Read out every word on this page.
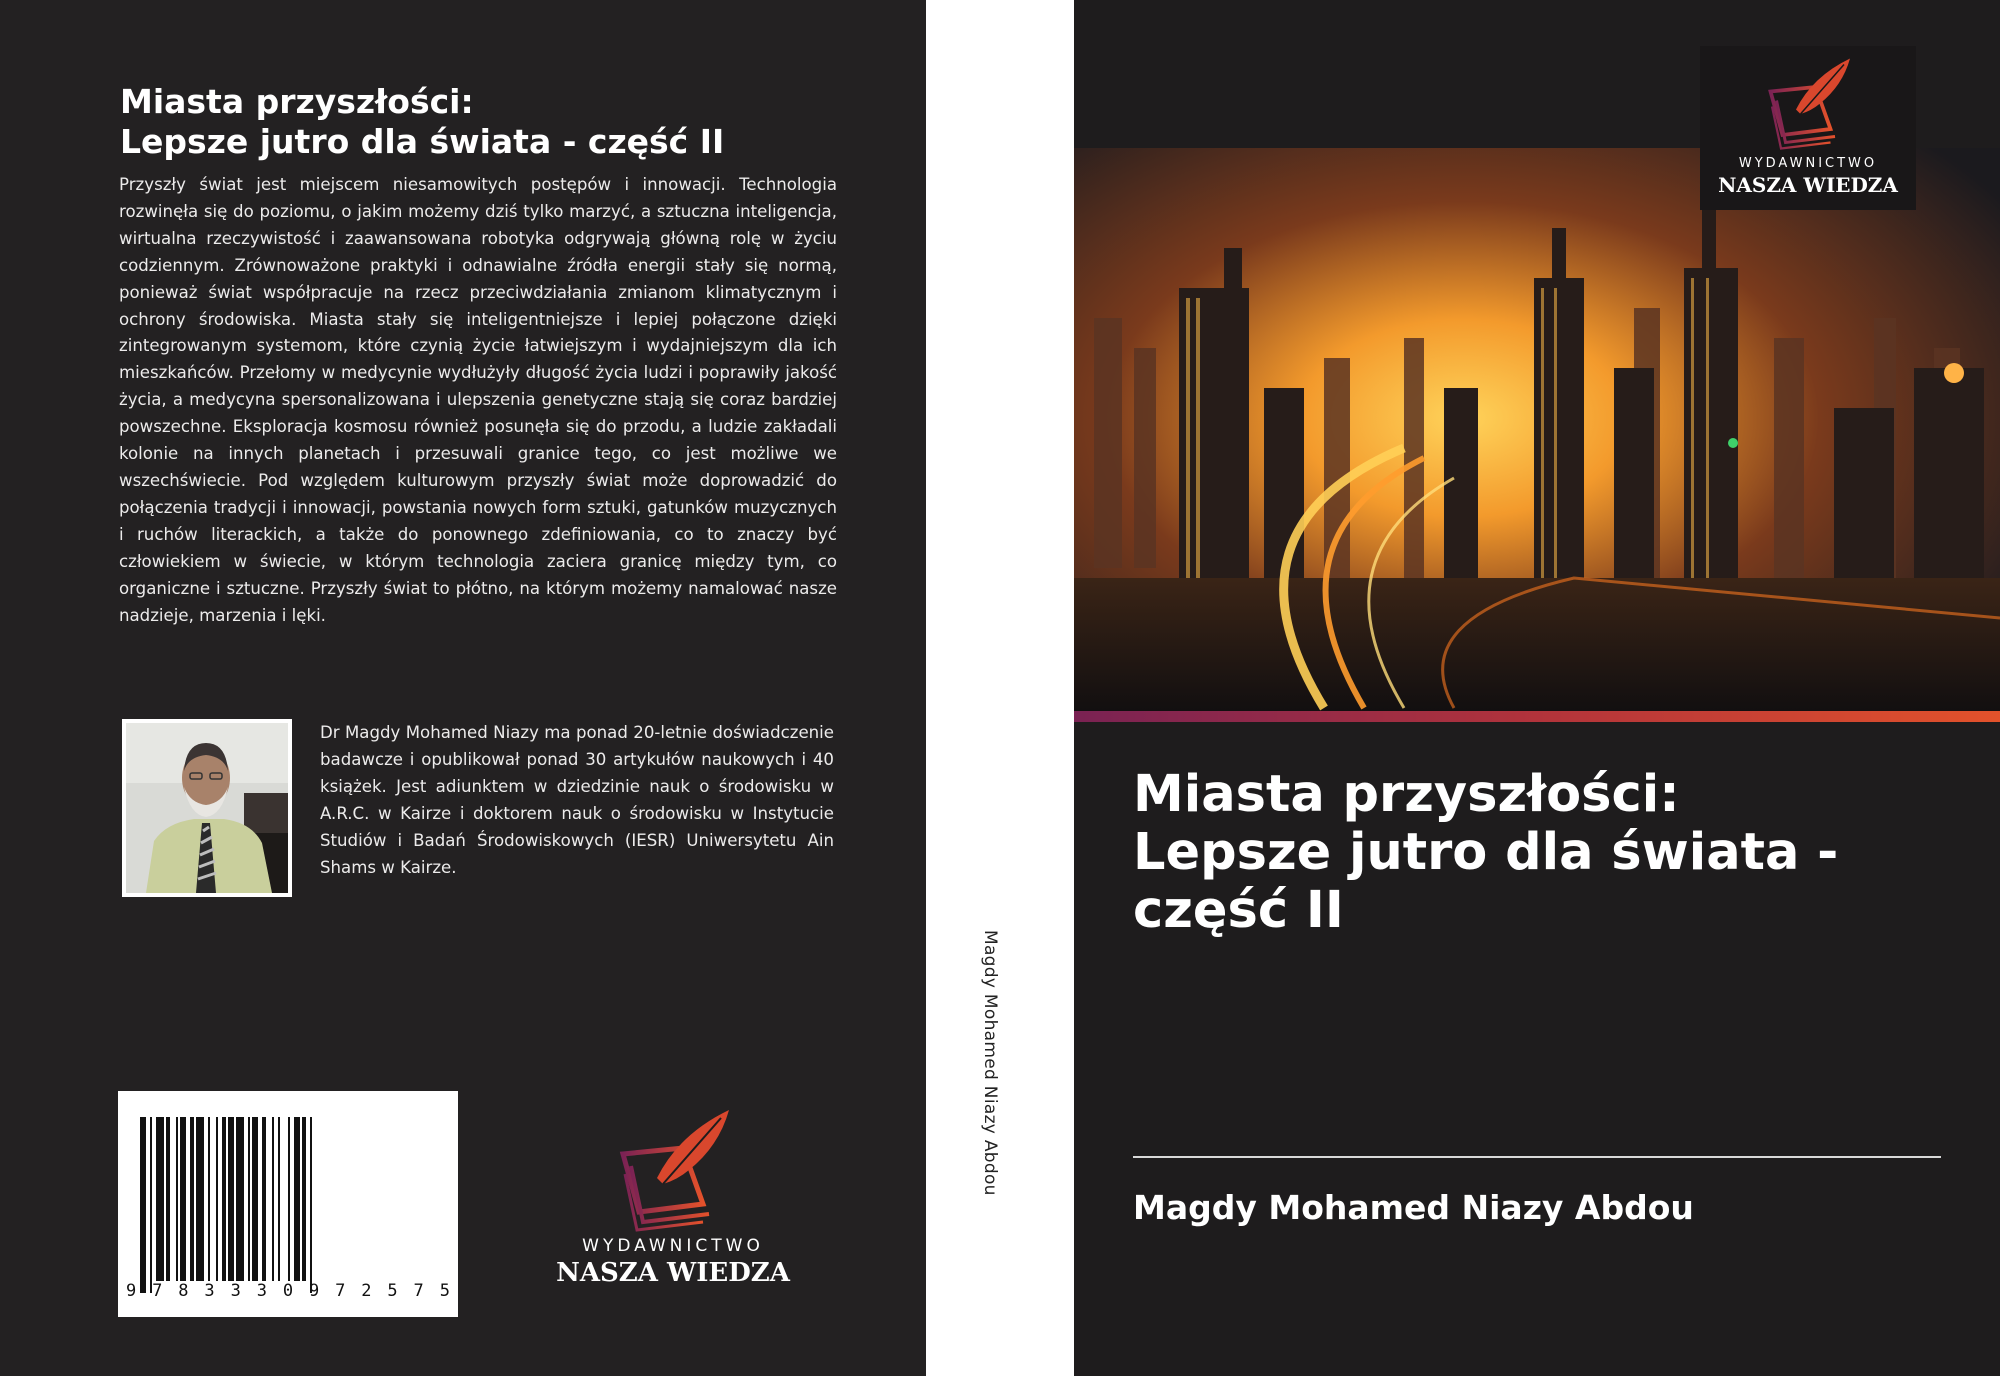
Miasta przyszłości:
Lepsze jutro dla świata - część II

Przyszły świat jest miejscem niesamowitych postępów i innowacji. Technologia rozwinęła się do poziomu, o jakim możemy dziś tylko marzyć, a sztuczna inteligencja, wirtualna rzeczywistość i zaawansowana robotyka odgrywają główną rolę w życiu codziennym. Zrównoważone praktyki i odnawialne źródła energii stały się normą, ponieważ świat współpracuje na rzecz przeciwdziałania zmianom klimatycznym i ochrony środowiska. Miasta stały się inteligentniejsze i lepiej połączone dzięki zintegrowanym systemom, które czynią życie łatwiejszym i wydajniejszym dla ich mieszkańców. Przełomy w medycynie wydłużyły długość życia ludzi i poprawiły jakość życia, a medycyna spersonalizowana i ulepszenia genetyczne stają się coraz bardziej powszechne. Eksploracja kosmosu również posunęła się do przodu, a ludzie zakładali kolonie na innych planetach i przesuwali granice tego, co jest możliwe we wszechświecie. Pod względem kulturowym przyszły świat może doprowadzić do połączenia tradycji i innowacji, powstania nowych form sztuki, gatunków muzycznych i ruchów literackich, a także do ponownego zdefiniowania, co to znaczy być człowiekiem w świecie, w którym technologia zaciera granicę między tym, co organiczne i sztuczne. Przyszły świat to płótno, na którym możemy namalować nasze nadzieje, marzenia i lęki.

Dr Magdy Mohamed Niazy ma ponad 20-letnie doświadczenie badawcze i opublikował ponad 30 artykułów naukowych i 40 książek. Jest adiunktem w dziedzinie nauk o środowisku w A.R.C. w Kairze i doktorem nauk o środowisku w Instytucie Studiów i Badań Środowiskowych (IESR) Uniwersytetu Ain Shams w Kairze.

9 7 8 3 3 3 0 9 7 2 5 7 5
WYDAWNICTWO
NASZA WIEDZA
Magdy Mohamed Niazy Abdou
WYDAWNICTWO
NASZA WIEDZA
Miasta przyszłości:
Lepsze jutro dla świata -
część II
Magdy Mohamed Niazy Abdou
